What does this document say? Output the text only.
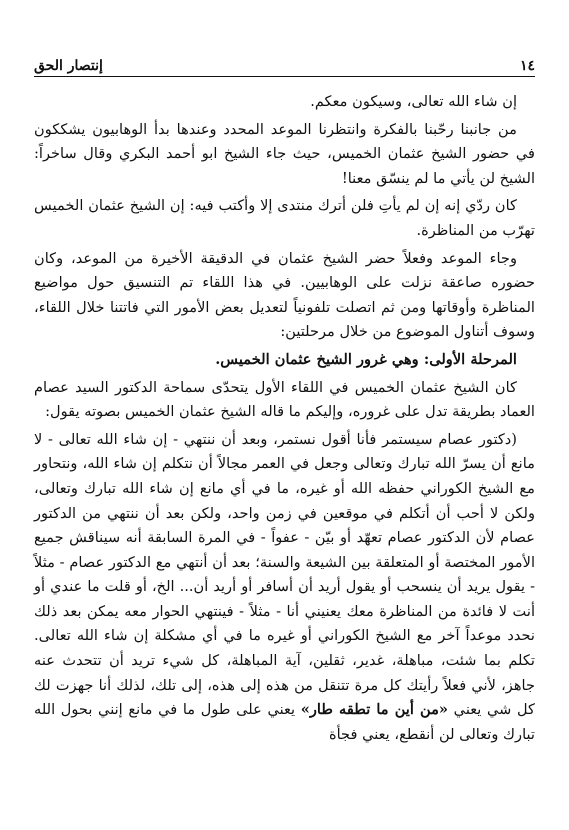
١٤
إنتصار الحق

إن شاء الله تعالى، وسيكون معكم.

من جانبنا رحّبنا بالفكرة وانتظرنا الموعد المحدد وعندها بدأ الوهابيون يشككون في حضور الشيخ عثمان الخميس، حيث جاء الشيخ ابو أحمد البكري وقال ساخراً: الشيخ لن يأتي ما لم ينسّق معنا!

كان ردّي إنه إن لم يأتِ فلن أترك منتدى إلا وأكتب فيه: إن الشيخ عثمان الخميس تهرّب من المناظرة.

وجاء الموعد وفعلاً حضر الشيخ عثمان في الدقيقة الأخيرة من الموعد، وكان حضوره صاعقة نزلت على الوهابيين. في هذا اللقاء تم التنسيق حول مواضيع المناظرة وأوقاتها ومن ثم اتصلت تلفونياً لتعديل بعض الأمور التي فاتتنا خلال اللقاء، وسوف أتناول الموضوع من خلال مرحلتين:

المرحلة الأولى: وهي غرور الشيخ عثمان الخميس.

كان الشيخ عثمان الخميس في اللقاء الأول يتحدّى سماحة الدكتور السيد عصام العماد بطريقة تدل على غروره، وإليكم ما قاله الشيخ عثمان الخميس بصوته يقول:

(دكتور عصام سيستمر فأنا أقول نستمر، وبعد أن ننتهي - إن شاء الله تعالى - لا مانع أن يسرّ الله تبارك وتعالى وجعل في العمر مجالاً أن نتكلم إن شاء الله، ونتحاور مع الشيخ الكوراني حفظه الله أو غيره، ما في أي مانع إن شاء الله تبارك وتعالى، ولكن لا أحب أن أتكلم في موقعين في زمن واحد، ولكن بعد أن ننتهي من الدكتور عصام لأن الدكتور عصام تعهّد أو بيّن - عفواً - في المرة السابقة أنه سيناقش جميع الأمور المختصة أو المتعلقة بين الشيعة والسنة؛ بعد أن أنتهي مع الدكتور عصام - مثلاً - يقول يريد أن ينسحب أو يقول أريد أن أسافر أو أريد أن... الخ، أو قلت ما عندي أو أنت لا فائدة من المناظرة معك يعنيني أنا - مثلاً - فينتهي الحوار معه يمكن بعد ذلك نحدد موعداً آخر مع الشيخ الكوراني أو غيره ما في أي مشكلة إن شاء الله تعالى. تكلم بما شئت، مباهلة، غدير، ثقلين، آية المباهلة، كل شيء تريد أن تتحدث عنه جاهز، لأني فعلاً رأيتك كل مرة تتنقل من هذه إلى هذه، إلى تلك، لذلك أنا جهزت لك كل شي يعني «من أين ما تطقه طار» يعني على طول ما في مانع إنني بحول الله تبارك وتعالى لن أنقطع، يعني فجأة
